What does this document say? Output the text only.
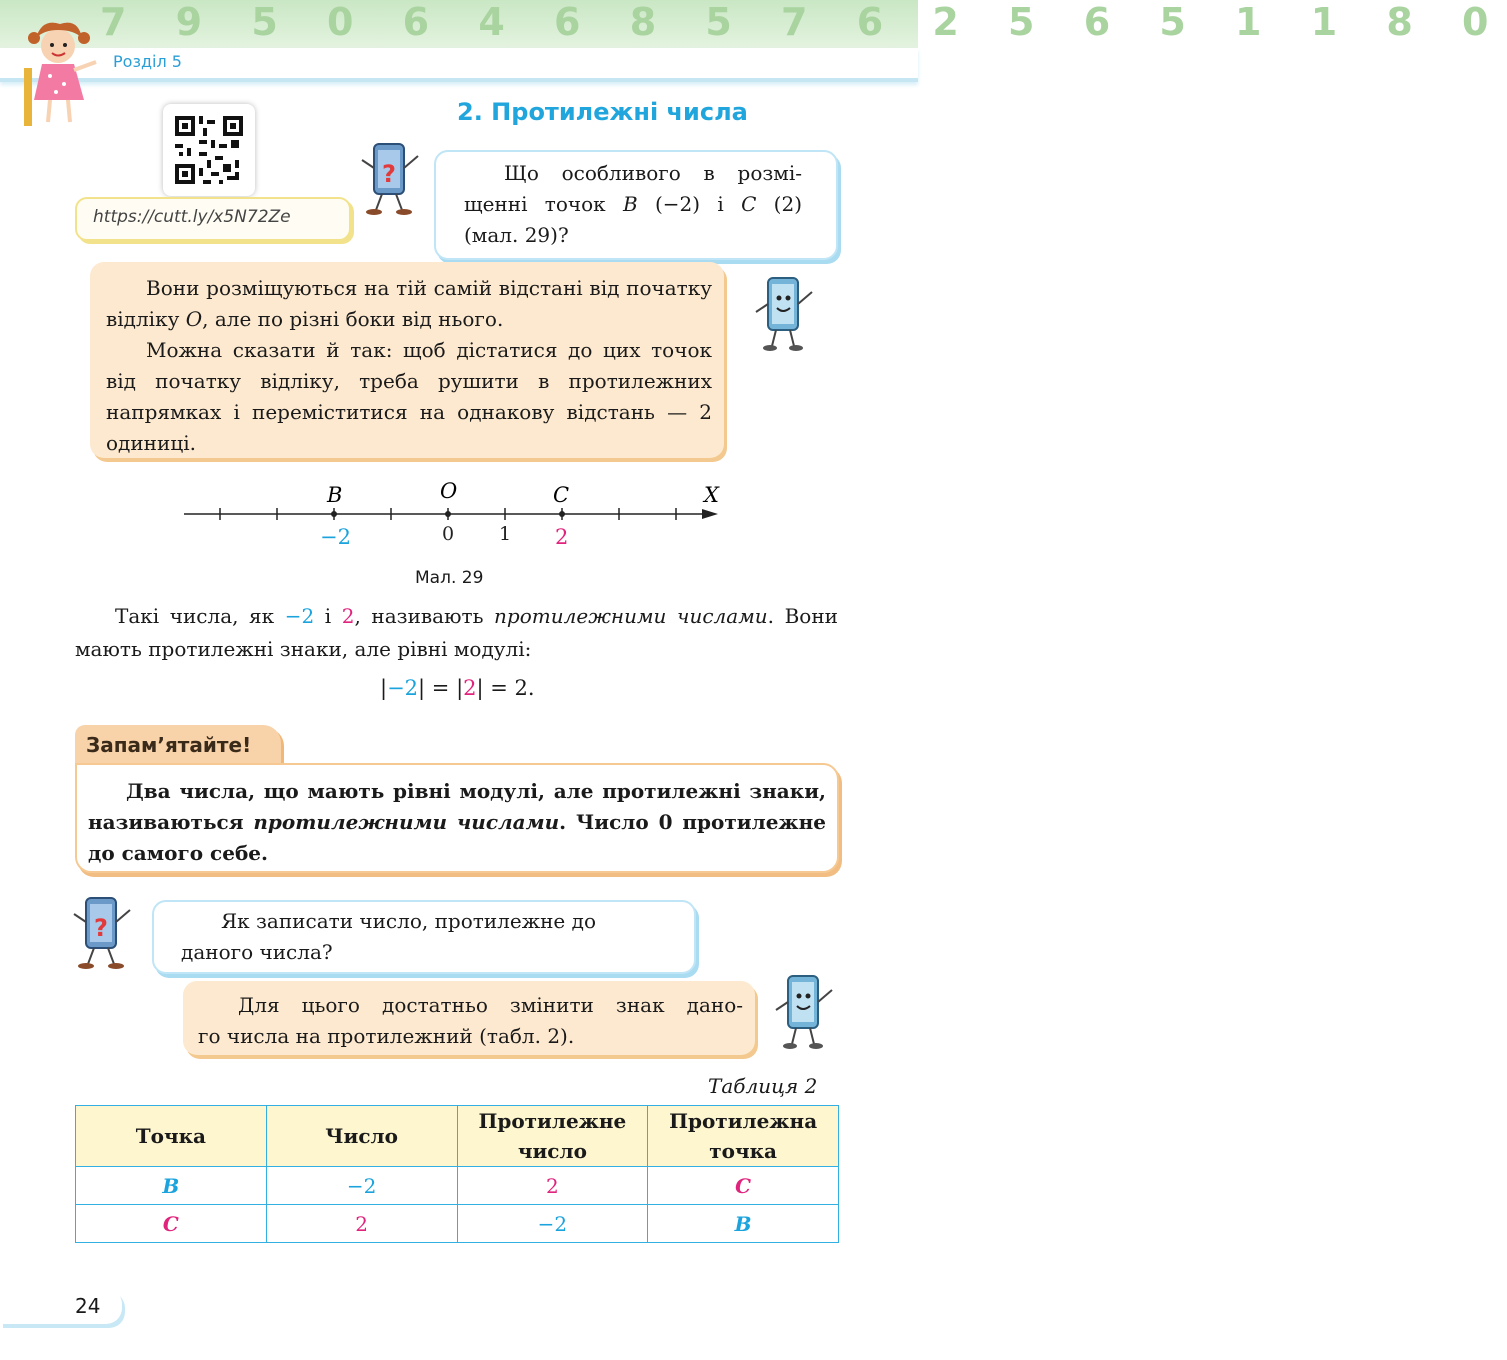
7 9 5 0 6 4 6 8 5 7 6 2 5 6 5 1 1 8 0
Розділ 5
2. Протилежні числа
https://cutt.ly/x5N72Ze
?	Що особливого в розмі-
щенні точок B (−2) і C (2)
(мал. 29)?
Вони розміщуються на тій самій відстані від початку відліку O, але по різні боки від нього.
Можна сказати й так: щоб дістатися до цих точок від початку відліку, треба рушити в протилежних напрямках і переміститися на однакову відстань — 2 одиниці.
B	O	C	X
−2	0 1 2
Мал. 29
Такі числа, як −2 і 2, називають протилежними числами. Вони мають протилежні знаки, але рівні модулі:
|−2| = |2| = 2.
Запам’ятайте!
Два числа, що мають рівні модулі, але протилежні знаки, називаються протилежними числами. Число 0 протилежне до самого себе.
?	Як записати число, протилежне до
даного числа?
Для цього достатньо змінити знак дано-
го числа на протилежний (табл. 2).
Таблиця 2
Точка	Число	Протилежне число	Протилежна точка
B	−2	2	C
C	2	−2	B
24
